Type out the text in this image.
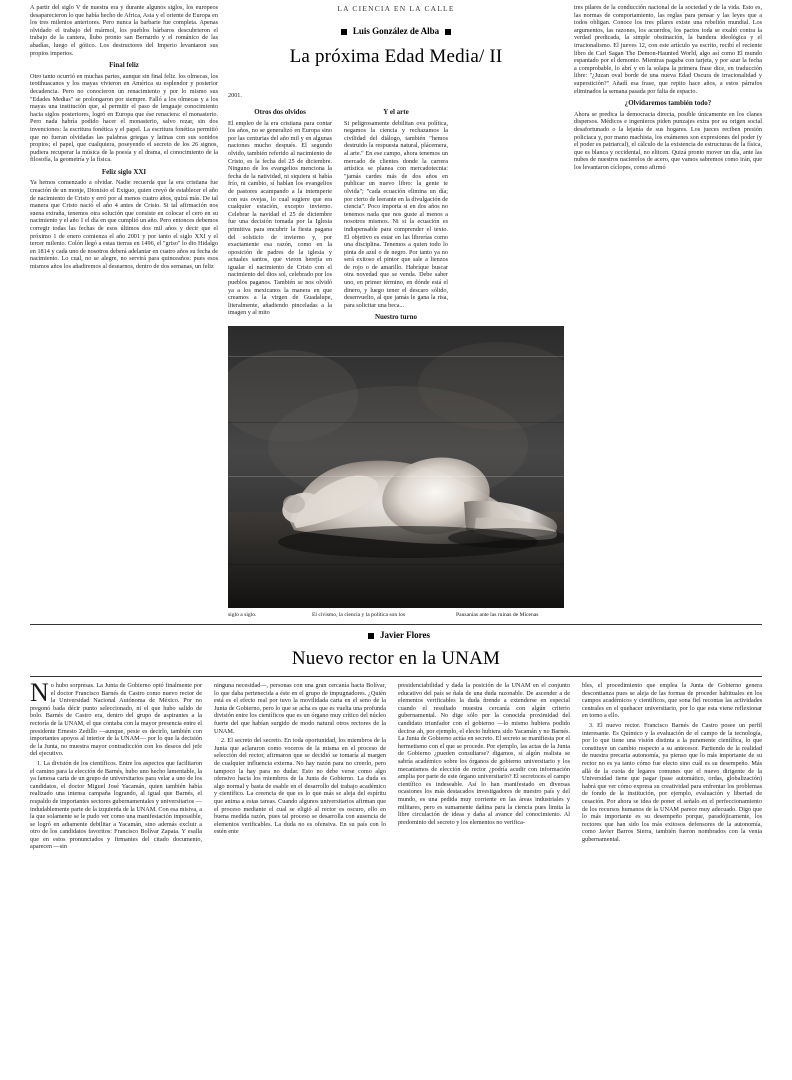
LA CIENCIA EN LA CALLE

A partir del siglo V de nuestra era y durante algunos siglos, los europeos desaparecieron lo que había hecho de Africa, Asia y el oriente de Europa en los tres milenios anteriores. Pero nunca la barbarie fue completa. Apenas olvidado el trabajo del mármol, los pueblos bárbaros descubrieron el trabajo de la cantera, llubo pronto san Bernardo y el románico de las abadías, luego el gótico. Los destructores del Imperio levantaron sus propios imperios.

Final feliz

Otro tanto ocurrió en muchas partes, aunque sin final feliz. los olmecas, los teotihuacanos y los mayas vivieron en América su esplendor y posterior decadencia. Pero no conocieron un renacimiento y por lo mismo sus "Edades Medias" se prolongaron por siempre. Falló a los olmecas y a los mayas una institución que, al permitir el paso de lenguaje conocimiento hacia siglos posteriores, logró en Europa que ése renaciera: el monasterio. Pero nada habría podido hacer el monasterio, salvo rezar, sin dos invenciones: la escritura fonética y el papel. La escritura fonética permitió que no fueran olvidadas las palabras griegas y latinas con sus sonidos propios; el papel, que cualquiera, poseyendo el secreto de los 26 signos, pudiera recuperar la música de la poesía y el drama, el conocimiento de la filosofía, la geometría y la física.

Feliz siglo XXI

Ya hemos comenzado a olvidar. Nadie recuerda que la era cristiana fue creación de un monje, Dionisio el Exiguo, quien creyó de establecer el año de nacimiento de Cristo y erró por al menos cuatro años, quizá más. De tal manera que Cristo nació el año 4 antes de Cristo. Si tal afirmación nos suena extraña, tenemos otra solución que consiste en colocar el cero en su nacimiento y el año 1 el día en que cumplió un año. Pero entonces debemos corregir todas las fechas de esos últimos dos mil años y decir que el próximo 1 de enero comienza el año 2001 y por tanto el siglo XXI y el tercer milenio. Colón llegó a estas tierras en 1496, el "griso" lo dio Hidalgo en 1814 y cada uno de nosotros deberá adelantar en cuatro años su fecha de nacimiento. Lo cual, no se alegre, no servirá para quinceaños: pues esos mismos años los añadiremos al desearnos, dentro de dos semanas, un feliz

Luis González de Alba
La próxima Edad Media/ II

2001.

Otros dos olvidos

El empleo de la era cristiana para contar los años, no se generalizó en Europa sino por las centurias del año mil y en algunas naciones mucho después. El segundo olvido, también referido al nacimiento de Cristo, es la fecha del 25 de diciembre. Ninguno de los evangelios menciona la fecha de la natividad, ni siquiera si había frío, ni cambio, sí hablan los evangelios de pastores acampando a la intemperie con sus ovejas, lo cual sugiere que era cualquier estación, excepto invierno. Celebrar la navidad el 25 de diciembre fue una decisión tomada por la Iglesia primitiva para encubrir la fiesta pagana del solsticio de invierno y, por exactamente esa razón, como en la oposición de padres de la iglesia y actuales santos, que vieron herejía en igualar el nacimiento de Cristo con el nacimiento del dios sol, celebrado por los pueblos paganos. También se nos olvidó ya a los mexicanos la manera en que creamos a la virgen de Guadalupe, literalmente, añadiendo pinceladas a la imagen y al mito

Y el arte

Si peligrosamente debilitan ova política, negamos la ciencia y rechazamos la civilidad del diálogo, también "hemos destruido la respuesta natural, plácemera, al arte." En ese campo, ahora tenemos un mercado de clientes donde la carrera artística se planea con mercadotecnia: "jamás cardes más de dos años en publicar un nuevo libro: la gente te olvida"; "cada ecuación elimina un día; por cierto de leerante en la divulgación de ciencia". Poco importa si en dos años no tenemos nada que nos guste al menos a nosotros mismos. Ni si la ecuación es indispensable para comprender el texto. El objetivo es estar en las librerías como una disciplina. Tenemos a quien todo lo pinta de azul o de negro. Por tanto ya no será exitoso el pintor que sale a lienzos de rojo o de amarillo. Habríque buscar otra novedad que se venda. Debe saber uno, en primer término, en dónde está el dinero, y luego tener el descaro sólido, desenvuelto, al que jamás le gana la risa, para solicitar una beca...

Nuestro turno

tres pilares de la conducción nacional de la sociedad y de la vida. Esto es, las normas de comportamiento, las reglas para pensar y las leyes que a todos obligan. Conoce los tres pilares existe una rebelión mundial. Los argumentos, las razones, los acuerdos, los pactos toda se exaltó contra la verdad predicada, la simple obstinación, la bandera ideológica y el irracionalismo. El jueves 12, con este artículo ya escrito, recibí el reciente libro de Carl Sagan The Demon-Haunted World, algo así como El mundo espantado por el demonio. Mientras pagaba con tarjeta, y por azar la fecha a comprobable, lo abrí y en la solapa la primera frase dice, en traducción libre: "¿Juzan oval borde de una nueva Edad Oscura de irracionalidad y superstición?" Añadí esa frase, que repito hace años, a estos párrafos eliminados la semana pasada por falta de espacio.

¿Olvidaremos también todo?

Ahora se predica la democracia directa, posible únicamente en los clanes dispersos. Médicos e ingenieros piden punzajes extra por su origen social desafortunado o la lejanía de sus hogares. Los jueces reciben presión policiaca y, por mano machista, los exámenes son expresiones del poder (y el poder es patriarcal), el cálculo de la existencia de estructuras de la física, que es blanca y occidental, no elitcen. Quizá pronto mover un día, ante las nubes de nuestros nacierelos de acero, que vamos sabremos como irán, que los levantaron cíclopes, como afirmó

siglo a siglo.	El civismo, la ciencia y la política son los	Pausanias ante las ruinas de Micenas
Javier Flores
Nuevo rector en la UNAM

No hubo sorpresas. La Junta de Gobierno optó finalmente por el doctor Francisco Barnés de Castro como nuevo rector de la Universidad Nacional Autónoma de México. Por no pregonó bada décir punto seleccionado, ni el que hubo salido de bolo. Barnés de Castro era, dentro del grupo de aspirantes a la rectoría de la UNAM, el que contaba con la mayor presencia entre el presidente Ernesto Zedillo —aunque, pesie es decirlo, también con importantes apoyos al interior de la UNAM— por lo que la decisión de la Junta, no muestra mayor contradicción con los deseos del jefe del ejecutivo.

1. La división de los científicos. Entre los aspectos que facilitaron el camino para la elección de Barnés, hubo uno hecho lamentable, la ya famosa carta de un grupo de universitarios para velar a uno de los candidatos, el doctor Miguel José Yacamán, quien también había realizado una intensa campaña logrando, al igual que Barnés, el respaldo de importantes sectores gubernamentales y universitarios —indudablemente parte de la izquierda de la UNAM. Con esa misiva, a la que solamente se le pudo ver como una manifestación impossible, se logró en adiamente debilitar a Yacamán, sino además excluir a otro de los candidatos favoritos: Francisco Bolívar Zapata. Y esalla que en estos pronunciados y firmantes del citado documento, aparecen —sin

ninguna necesidad—, personas con una gran cercanía hacia Bolívar, lo que daba pertenecida a éste en el grupo de impugnadores. ¿Quién está es el efecto real por tuvo la movilidada carta en el seno de la Junta de Gobierno, pero lo que se acha es que es vuelta una profunda división entre los científicos que es un órgano muy crítico del núcleo fuerte del que habían surgido de modo natural otros rectores de la UNAM.

2. El secreto del secreto. En toda oportunidad, los miembros de la Junta que aclararon como voceros de la misma en el proceso de selección del rector, afirmaron que se decidió se tomaría al margen de cualquier influencia externa. No hay razón para no creerlo, pero tampoco la hay para no dudar. Esto no debe verse como algo ofensivo hacia los miembros de la Junta de Gobierno. La duda es algo normal y basta de esable en el desarrollo del trabajo académico y científico. La creencia de que es lo que más se aleja del espíritu que anima a estas tareas. Cuando algunos universitarios afirman que el proceso mediante el cual se eligió al rector es oscuro, ello en buena medida razón, pues tal proceso se desarrolla con ausencia de elementos verificables. La duda no es ofensiva. En su país con lo estén ente

presidenciabilidad y dada la posición de la UNAM en el conjunto educativo del país se ñala de una duda razonable. De ascender a de elementos verificables la duda ñrende a extenderse en especial cuando el resultado muestra cercanía con algún criterio gubernamental. No dige sólo por la conocida proximidad del candidato triunfador con el gobierno —lo mismo hubiera podido decirse ah, por ejemplo, el electo hubiera sido Yacamán y no Barnés. La Junta de Gobierno actúa en secreto. El secreto se manifiesta por el hermetismo con el que se procede. Por ejemplo, las actas de la Junta de Gobierno ¿pueden consultarse? digamos, sí algún realista se sabría académico sobre los órganos de gobierno universitario y los mecanismos de elección de rector ¿podría acudir con información amplia por parte de este órgano universitario? El secretoces el campo científico es indeseable. Así lo han manifestado en diversas ocasiones los más destacados investigadores de nuestro país y del mundo, es una pedida muy corriente en las áreas industriales y militares, pero es sumamente dañina para la ciencia pues limita la libre circulación de ideas y daña al avance del conocimiento. Al predominio del secreto y los elementos no verifica-

bles, el procedimiento que emplea la Junta de Gobierno genera descontianza pues se aleja de las formas de proceder habituales en los campos académicos y científicos, que sona fiel recontas las actividades centrales en el quehacer universitario, por lo que esta viene reflexionar en torno a ello.

3. El nuevo rector. Francisco Barnés de Castro posee un perfil interesante. Es Químico y la evaluación de el campo de la tecnología, por lo que tiene una visión distinta a la puramente científica, lo que constituye un cambio respecto a su antecesor. Partiendo de la realidad de nuestra precaria autonomía, ya pienso que lo más importante de su rector no es ya tanto cómo fue electo sino cuál es su desempeño. Más allá de la cuota de legares comunes que el nuevo dirigente de la Universidad tiene que pagar (pase automático, ordas, globalización) habrá que ver cómo expresa su creatividad para enfrentar los problemas de fondo de la institución, por ejemplo, evaluación y libertad de cesación. Por ahora se idea de poner el señalo en el perfeccionamiento de los recursos humanos de la UNAM parece muy adecuado. Digo que lo más importante es su desempeño porque, paradójicamente, los rectores que han sido los más exitosos defensores de la autonomía, como Javier Barros Sierra, también fueron nombrados con la venia gubernamental.
